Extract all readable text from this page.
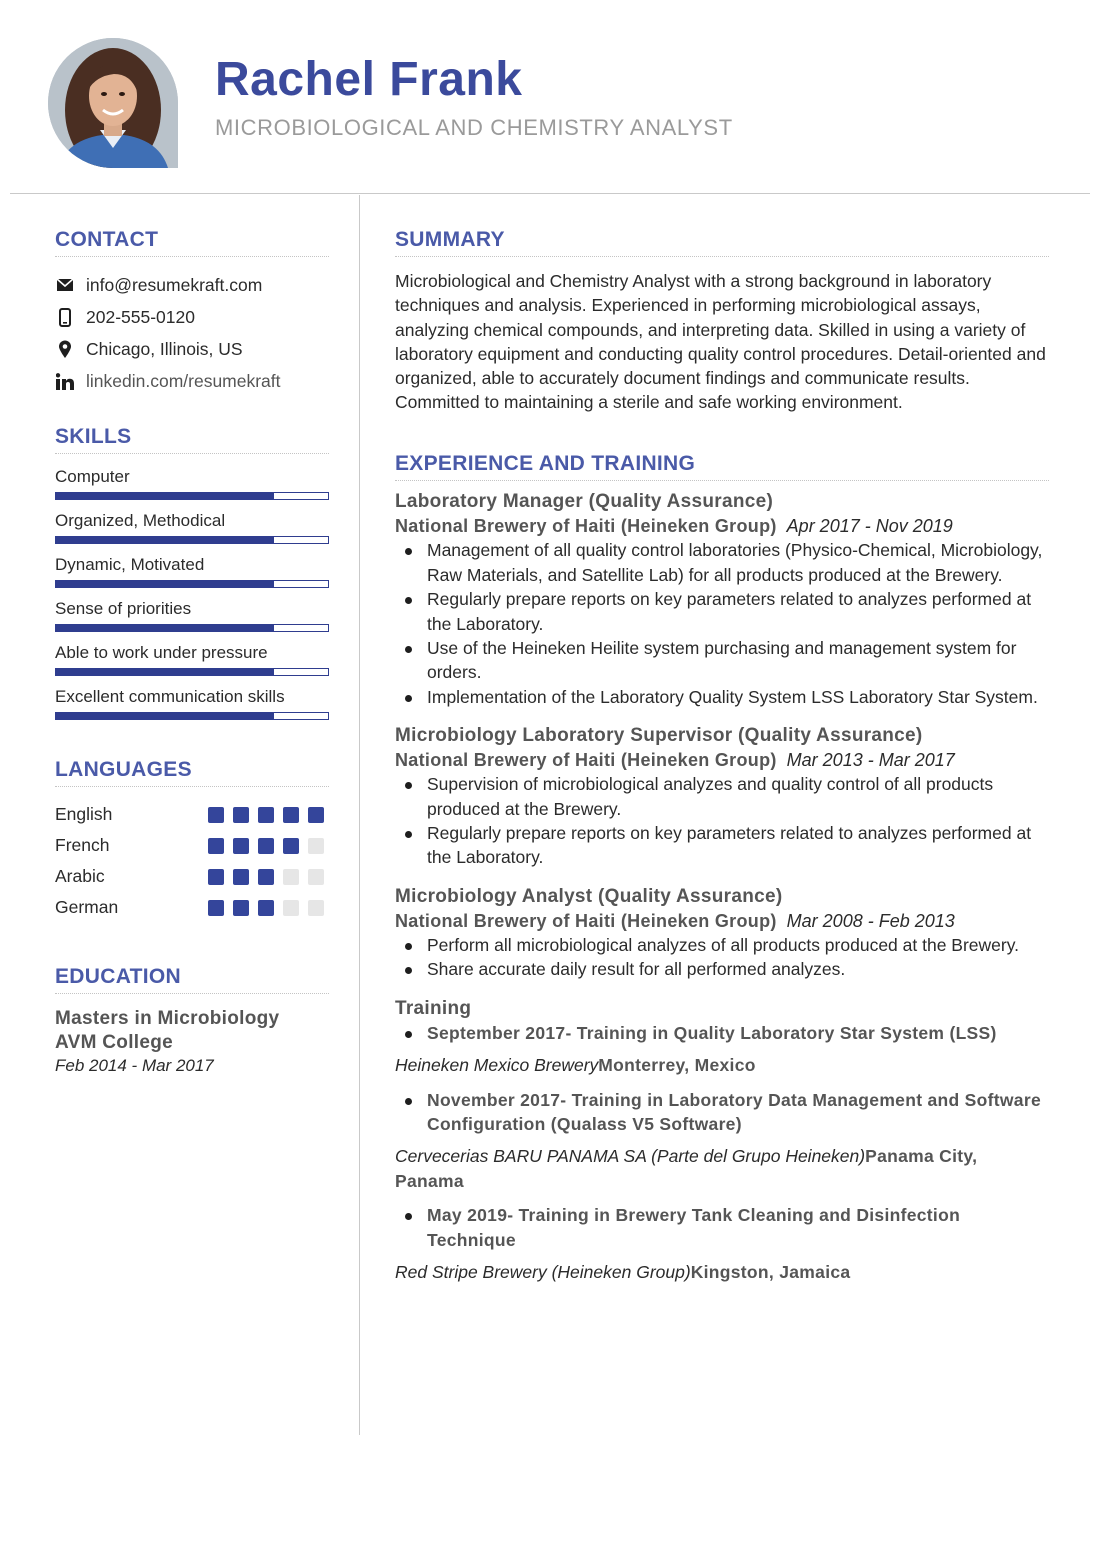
Rachel Frank
MICROBIOLOGICAL AND CHEMISTRY ANALYST
CONTACT
info@resumekraft.com
202-555-0120
Chicago, Illinois, US
linkedin.com/resumekraft
SKILLS
Computer
Organized, Methodical
Dynamic, Motivated
Sense of priorities
Able to work under pressure
Excellent communication skills
LANGUAGES
English
French
Arabic
German
EDUCATION
Masters in Microbiology
AVM College
Feb 2014 - Mar 2017
SUMMARY

Microbiological and Chemistry Analyst with a strong background in laboratory techniques and analysis. Experienced in performing microbiological assays, analyzing chemical compounds, and interpreting data. Skilled in using a variety of laboratory equipment and conducting quality control procedures. Detail-oriented and organized, able to accurately document findings and communicate results. Committed to maintaining a sterile and safe working environment.

EXPERIENCE AND TRAINING
Laboratory Manager (Quality Assurance)
National Brewery of Haiti (Heineken Group) Apr 2017 - Nov 2019
Management of all quality control laboratories (Physico-Chemical, Microbiology, Raw Materials, and Satellite Lab) for all products produced at the Brewery.
Regularly prepare reports on key parameters related to analyzes performed at the Laboratory.
Use of the Heineken Heilite system purchasing and management system for orders.
Implementation of the Laboratory Quality System LSS Laboratory Star System.
Microbiology Laboratory Supervisor (Quality Assurance)
National Brewery of Haiti (Heineken Group) Mar 2013 - Mar 2017
Supervision of microbiological analyzes and quality control of all products produced at the Brewery.
Regularly prepare reports on key parameters related to analyzes performed at the Laboratory.
Microbiology Analyst (Quality Assurance)
National Brewery of Haiti (Heineken Group) Mar 2008 - Feb 2013
Perform all microbiological analyzes of all products produced at the Brewery.
Share accurate daily result for all performed analyzes.
Training
September 2017- Training in Quality Laboratory Star System (LSS)
Heineken Mexico BreweryMonterrey, Mexico
November 2017- Training in Laboratory Data Management and Software Configuration (Qualass V5 Software)
Cervecerias BARU PANAMA SA (Parte del Grupo Heineken)Panama City, Panama
May 2019- Training in Brewery Tank Cleaning and Disinfection Technique
Red Stripe Brewery (Heineken Group)Kingston, Jamaica
